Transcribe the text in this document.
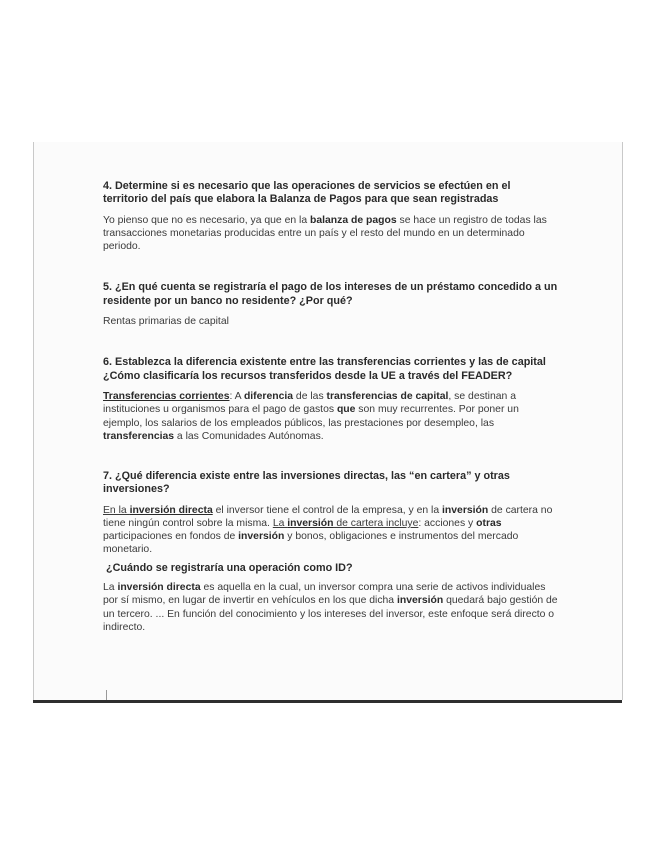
4. Determine si es necesario que las operaciones de servicios se efectúen en el territorio del país que elabora la Balanza de Pagos para que sean registradas

Yo pienso que no es necesario, ya que en la balanza de pagos se hace un registro de todas las transacciones monetarias producidas entre un país y el resto del mundo en un determinado periodo.

5. ¿En qué cuenta se registraría el pago de los intereses de un préstamo concedido a un residente por un banco no residente? ¿Por qué?

Rentas primarias de capital

6. Establezca la diferencia existente entre las transferencias corrientes y las de capital ¿Cómo clasificaría los recursos transferidos desde la UE a través del FEADER?

Transferencias corrientes: A diferencia de las transferencias de capital, se destinan a instituciones u organismos para el pago de gastos que son muy recurrentes. Por poner un ejemplo, los salarios de los empleados públicos, las prestaciones por desempleo, las transferencias a las Comunidades Autónomas.

7. ¿Qué diferencia existe entre las inversiones directas, las “en cartera” y otras inversiones?

En la inversión directa el inversor tiene el control de la empresa, y en la inversión de cartera no tiene ningún control sobre la misma. La inversión de cartera incluye: acciones y otras participaciones en fondos de inversión y bonos, obligaciones e instrumentos del mercado monetario.

¿Cuándo se registraría una operación como ID?

La inversión directa es aquella en la cual, un inversor compra una serie de activos individuales por sí mismo, en lugar de invertir en vehículos en los que dicha inversión quedará bajo gestión de un tercero. ... En función del conocimiento y los intereses del inversor, este enfoque será directo o indirecto.
